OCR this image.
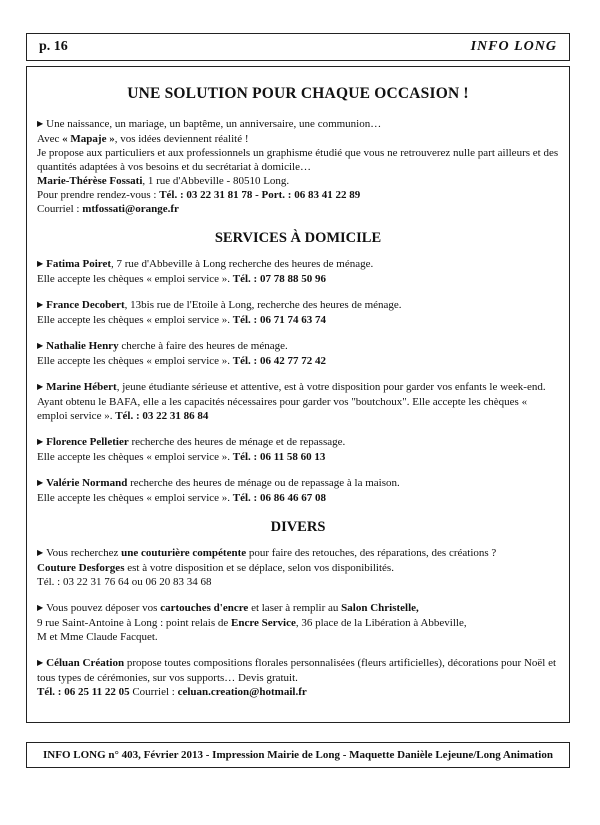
p. 16	INFO LONG
UNE SOLUTION POUR CHAQUE OCCASION !

▶ Une naissance, un mariage, un baptême, un anniversaire, une communion…

Avec « Mapaje », vos idées deviennent réalité !

Je propose aux particuliers et aux professionnels un graphisme étudié que vous ne retrouverez nulle part ailleurs et des quantités adaptées à vos besoins et du secrétariat à domicile…

Marie-Thérèse Fossati, 1 rue d'Abbeville - 80510 Long.

Pour prendre rendez-vous : Tél. : 03 22 31 81 78 - Port. : 06 83 41 22 89

Courriel : mtfossati@orange.fr

SERVICES À DOMICILE

▶ Fatima Poiret, 7 rue d'Abbeville à Long recherche des heures de ménage.

Elle accepte les chèques « emploi service ». Tél. : 07 78 88 50 96

▶ France Decobert, 13bis rue de l'Etoile à Long, recherche des heures de ménage.

Elle accepte les chèques « emploi service ». Tél. : 06 71 74 63 74

▶ Nathalie Henry cherche à faire des heures de ménage.

Elle accepte les chèques « emploi service ». Tél. : 06 42 77 72 42

▶ Marine Hébert, jeune étudiante sérieuse et attentive, est à votre disposition pour garder vos enfants le week-end. Ayant obtenu le BAFA, elle a les capacités nécessaires pour garder vos "boutchoux". Elle accepte les chèques « emploi service ». Tél. : 03 22 31 86 84

▶ Florence Pelletier recherche des heures de ménage et de repassage.

Elle accepte les chèques « emploi service ». Tél. : 06 11 58 60 13

▶ Valérie Normand recherche des heures de ménage ou de repassage à la maison.

Elle accepte les chèques « emploi service ». Tél. : 06 86 46 67 08

DIVERS

▶ Vous recherchez une couturière compétente pour faire des retouches, des réparations, des créations ?

Couture Desforges est à votre disposition et se déplace, selon vos disponibilités.

Tél. : 03 22 31 76 64 ou 06 20 83 34 68

▶ Vous pouvez déposer vos cartouches d'encre et laser à remplir au Salon Christelle,

9 rue Saint-Antoine à Long : point relais de Encre Service, 36 place de la Libération à Abbeville,

M et Mme Claude Facquet.

▶ Céluan Création propose toutes compositions florales personnalisées (fleurs artificielles), décorations pour Noël et tous types de cérémonies, sur vos supports… Devis gratuit.

Tél. : 06 25 11 22 05 Courriel : celuan.creation@hotmail.fr

INFO LONG n° 403, Février 2013 - Impression Mairie de Long - Maquette Danièle Lejeune/Long Animation
